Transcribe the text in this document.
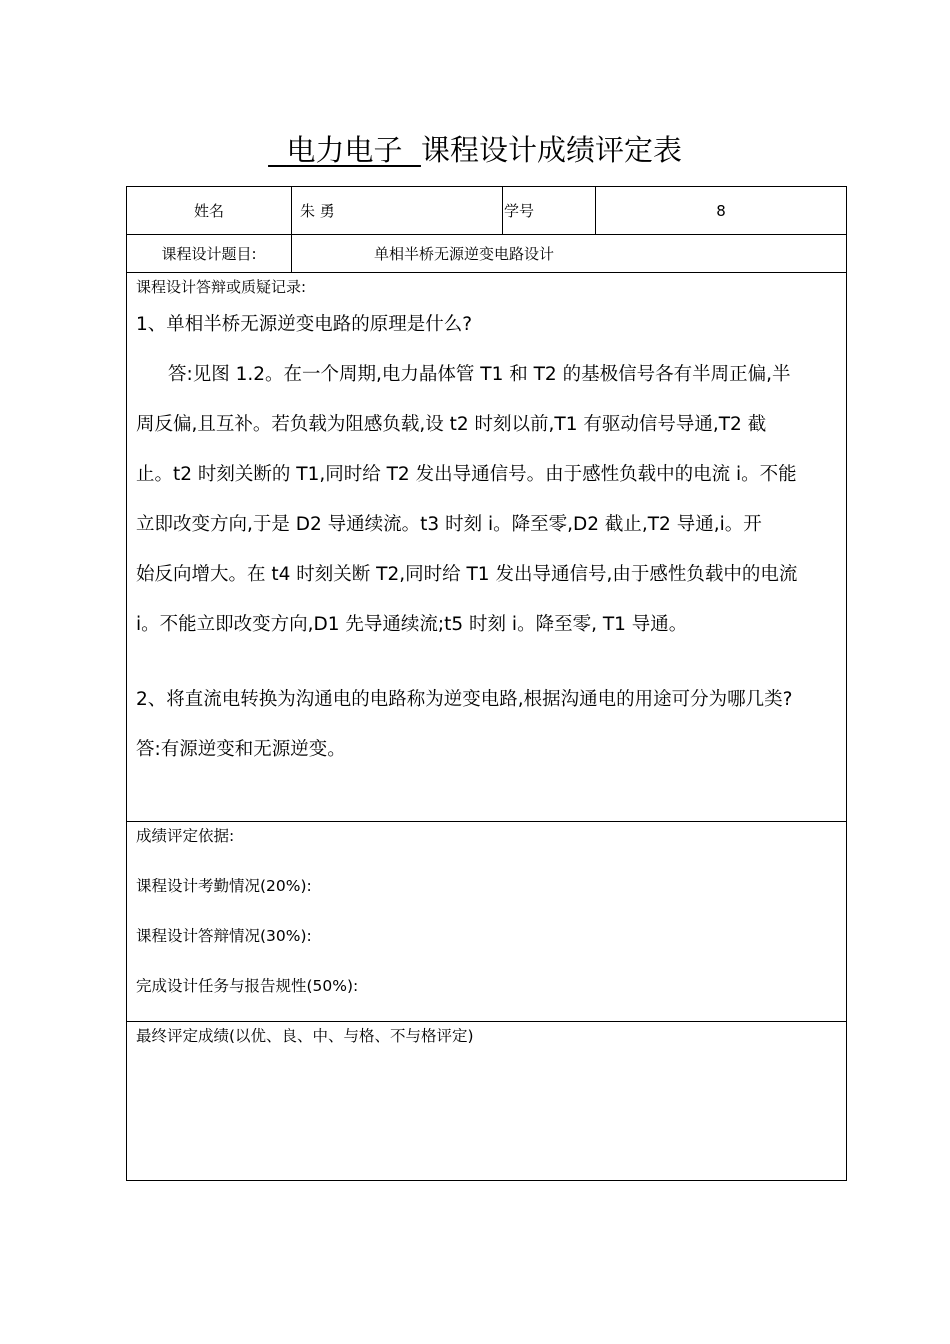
电力电子 课程设计成绩评定表
姓名	朱 勇	学号	8
课程设计题目:	单相半桥无源逆变电路设计
课程设计答辩或质疑记录:
1、单相半桥无源逆变电路的原理是什么?
答:见图 1.2。在一个周期,电力晶体管 T1 和 T2 的基极信号各有半周正偏,半
周反偏,且互补。若负载为阻感负载,设 t2 时刻以前,T1 有驱动信号导通,T2 截
止。t2 时刻关断的 T1,同时给 T2 发出导通信号。由于感性负载中的电流 i。不能
立即改变方向,于是 D2 导通续流。t3 时刻 i。降至零,D2 截止,T2 导通,i。开
始反向增大。在 t4 时刻关断 T2,同时给 T1 发出导通信号,由于感性负载中的电流
i。不能立即改变方向,D1 先导通续流;t5 时刻 i。降至零, T1 导通。
2、将直流电转换为沟通电的电路称为逆变电路,根据沟通电的用途可分为哪几类?
答:有源逆变和无源逆变。
成绩评定依据:
课程设计考勤情况(20%):
课程设计答辩情况(30%):
完成设计任务与报告规性(50%):
最终评定成绩(以优、良、中、与格、不与格评定)
